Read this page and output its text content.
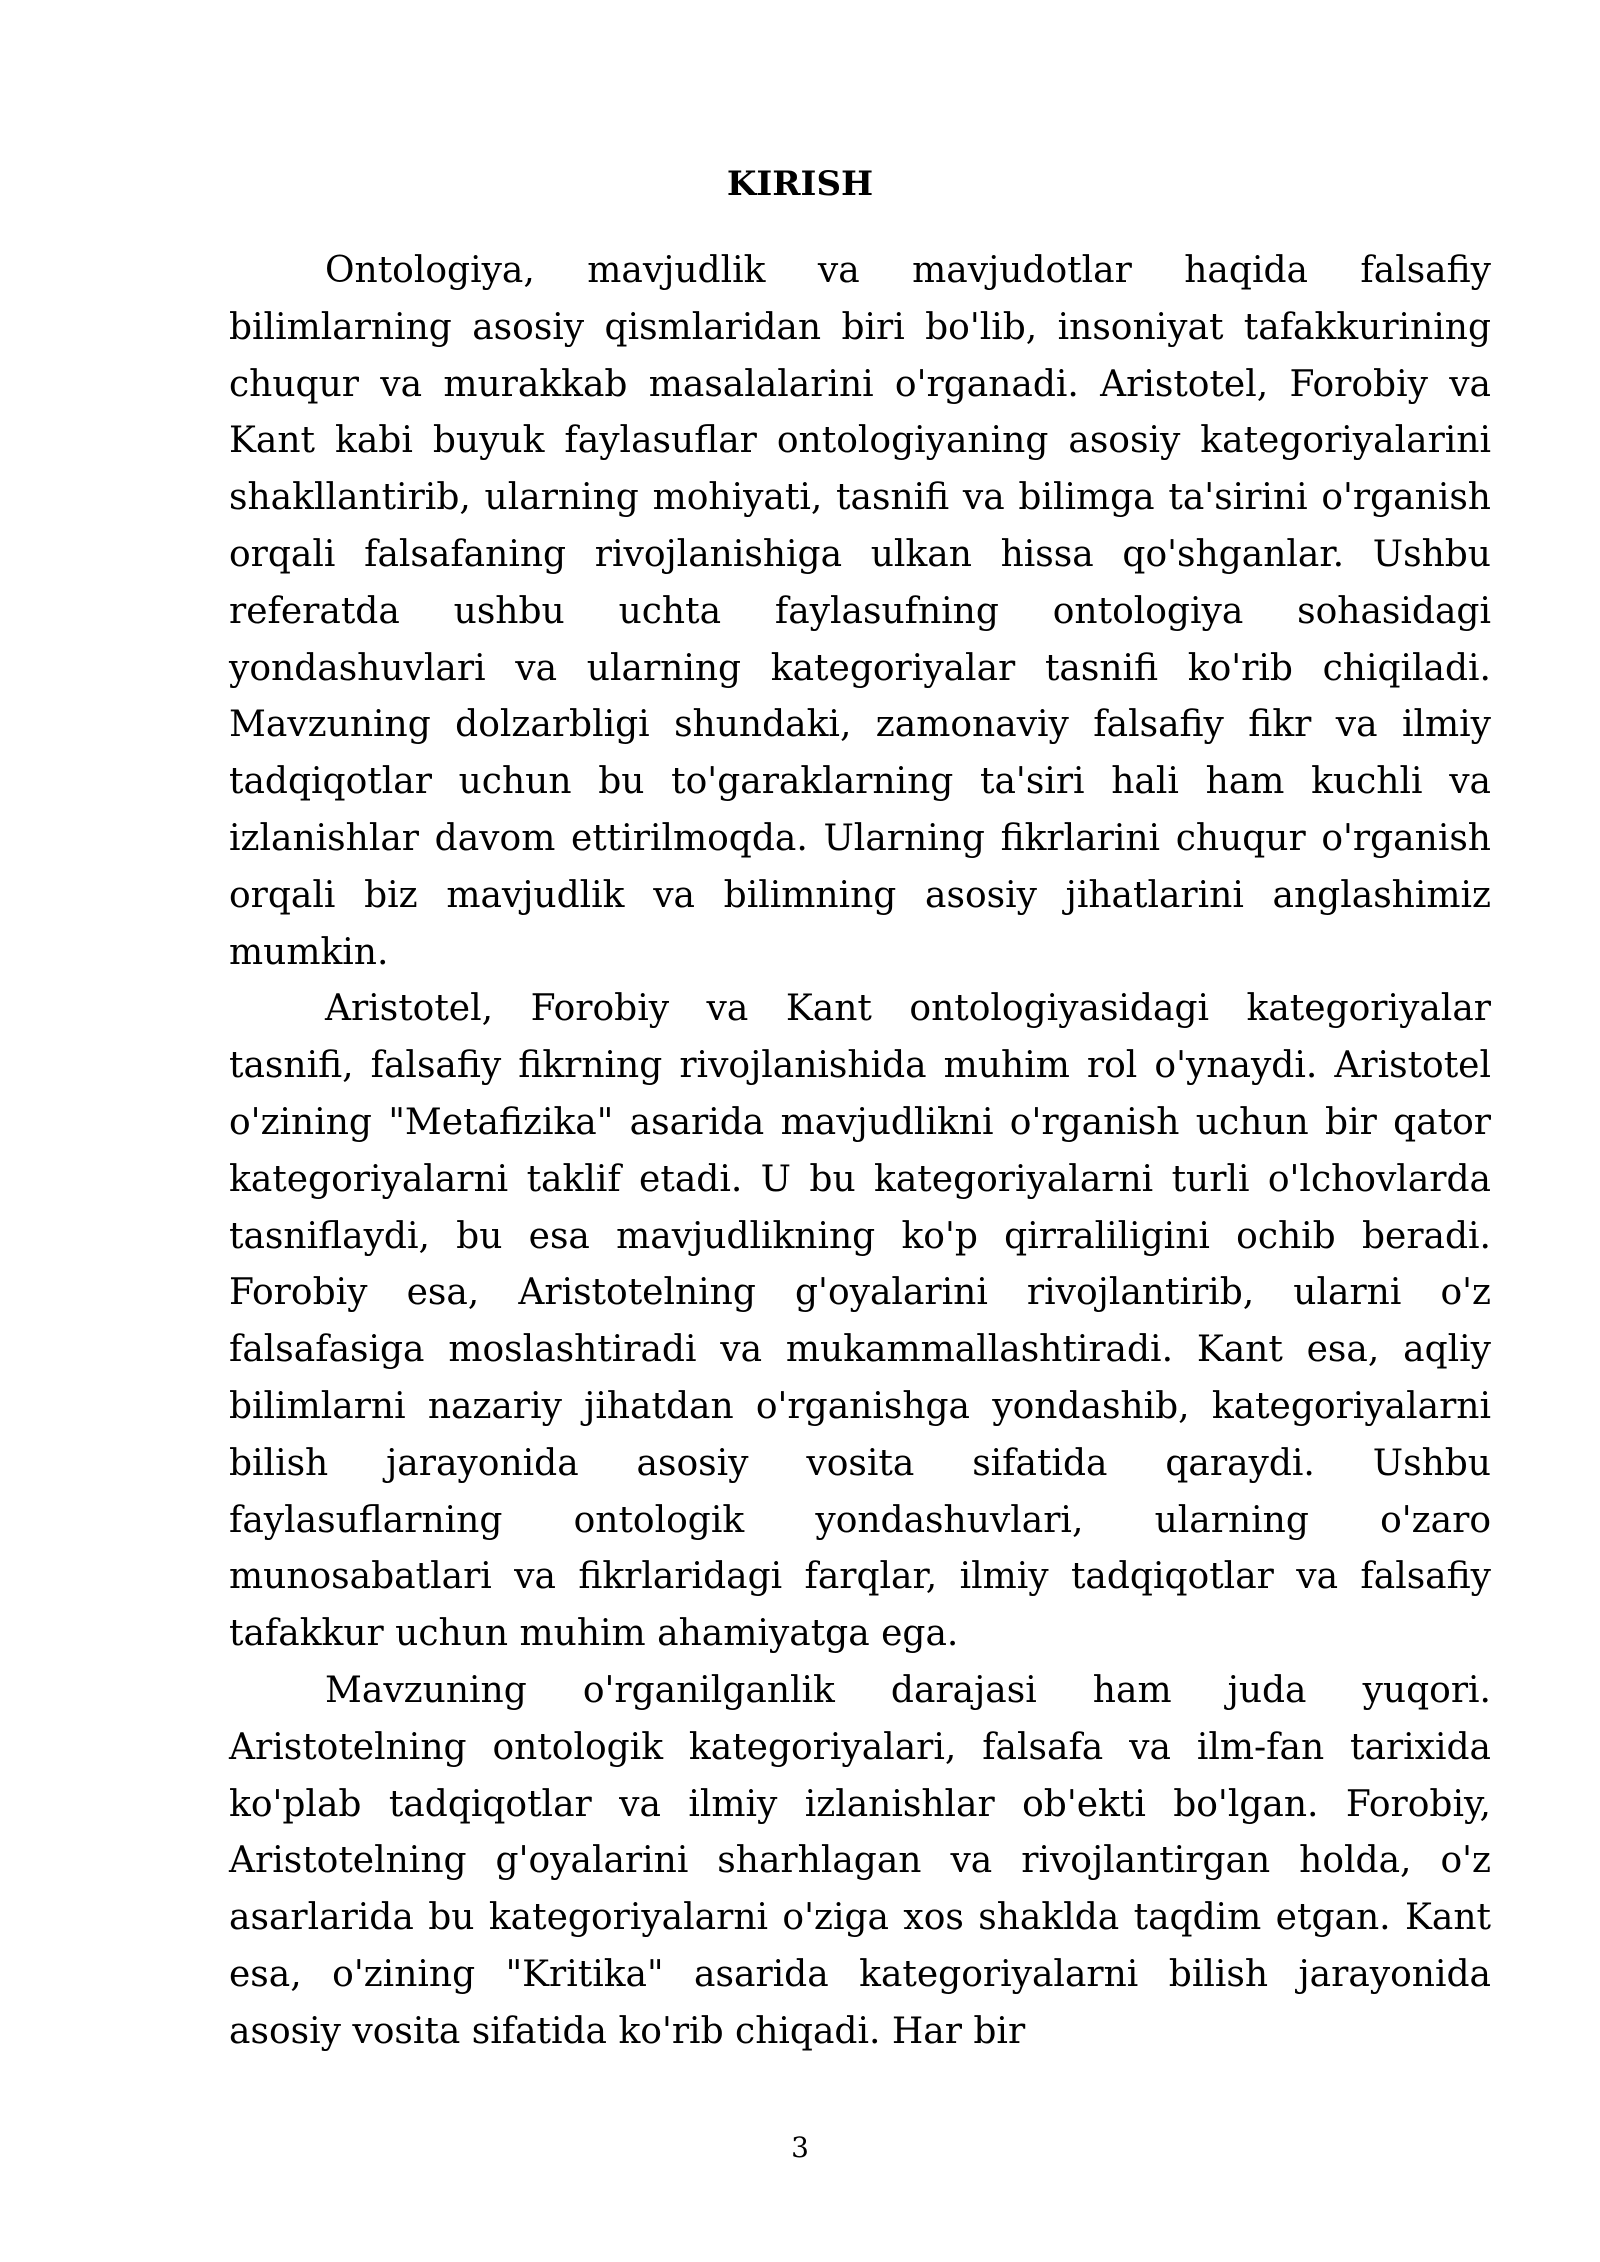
KIRISH

Ontologiya, mavjudlik va mavjudotlar haqida falsafiy bilimlarning asosiy qismlaridan biri bo'lib, insoniyat tafakkurining chuqur va murakkab masalalarini o'rganadi. Aristotel, Forobiy va Kant kabi buyuk faylasuflar ontologiyaning asosiy kategoriyalarini shakllantirib, ularning mohiyati, tasnifi va bilimga ta'sirini o'rganish orqali falsafaning rivojlanishiga ulkan hissa qo'shganlar. Ushbu referatda ushbu uchta faylasufning ontologiya sohasidagi yondashuvlari va ularning kategoriyalar tasnifi ko'rib chiqiladi. Mavzuning dolzarbligi shundaki, zamonaviy falsafiy fikr va ilmiy tadqiqotlar uchun bu to'garaklarning ta'siri hali ham kuchli va izlanishlar davom ettirilmoqda. Ularning fikrlarini chuqur o'rganish orqali biz mavjudlik va bilimning asosiy jihatlarini anglashimiz mumkin.

Aristotel, Forobiy va Kant ontologiyasidagi kategoriyalar tasnifi, falsafiy fikrning rivojlanishida muhim rol o'ynaydi. Aristotel o'zining "Metafizika" asarida mavjudlikni o'rganish uchun bir qator kategoriyalarni taklif etadi. U bu kategoriyalarni turli o'lchovlarda tasniflaydi, bu esa mavjudlikning ko'p qirraliligini ochib beradi. Forobiy esa, Aristotelning g'oyalarini rivojlantirib, ularni o'z falsafasiga moslashtiradi va mukammallashtiradi. Kant esa, aqliy bilimlarni nazariy jihatdan o'rganishga yondashib, kategoriyalarni bilish jarayonida asosiy vosita sifatida qaraydi. Ushbu faylasuflarning ontologik yondashuvlari, ularning o'zaro munosabatlari va fikrlaridagi farqlar, ilmiy tadqiqotlar va falsafiy tafakkur uchun muhim ahamiyatga ega.

Mavzuning o'rganilganlik darajasi ham juda yuqori. Aristotelning ontologik kategoriyalari, falsafa va ilm-fan tarixida ko'plab tadqiqotlar va ilmiy izlanishlar ob'ekti bo'lgan. Forobiy, Aristotelning g'oyalarini sharhlagan va rivojlantirgan holda, o'z asarlarida bu kategoriyalarni o'ziga xos shaklda taqdim etgan. Kant esa, o'zining "Kritika" asarida kategoriyalarni bilish jarayonida asosiy vosita sifatida ko'rib chiqadi. Har bir

3
